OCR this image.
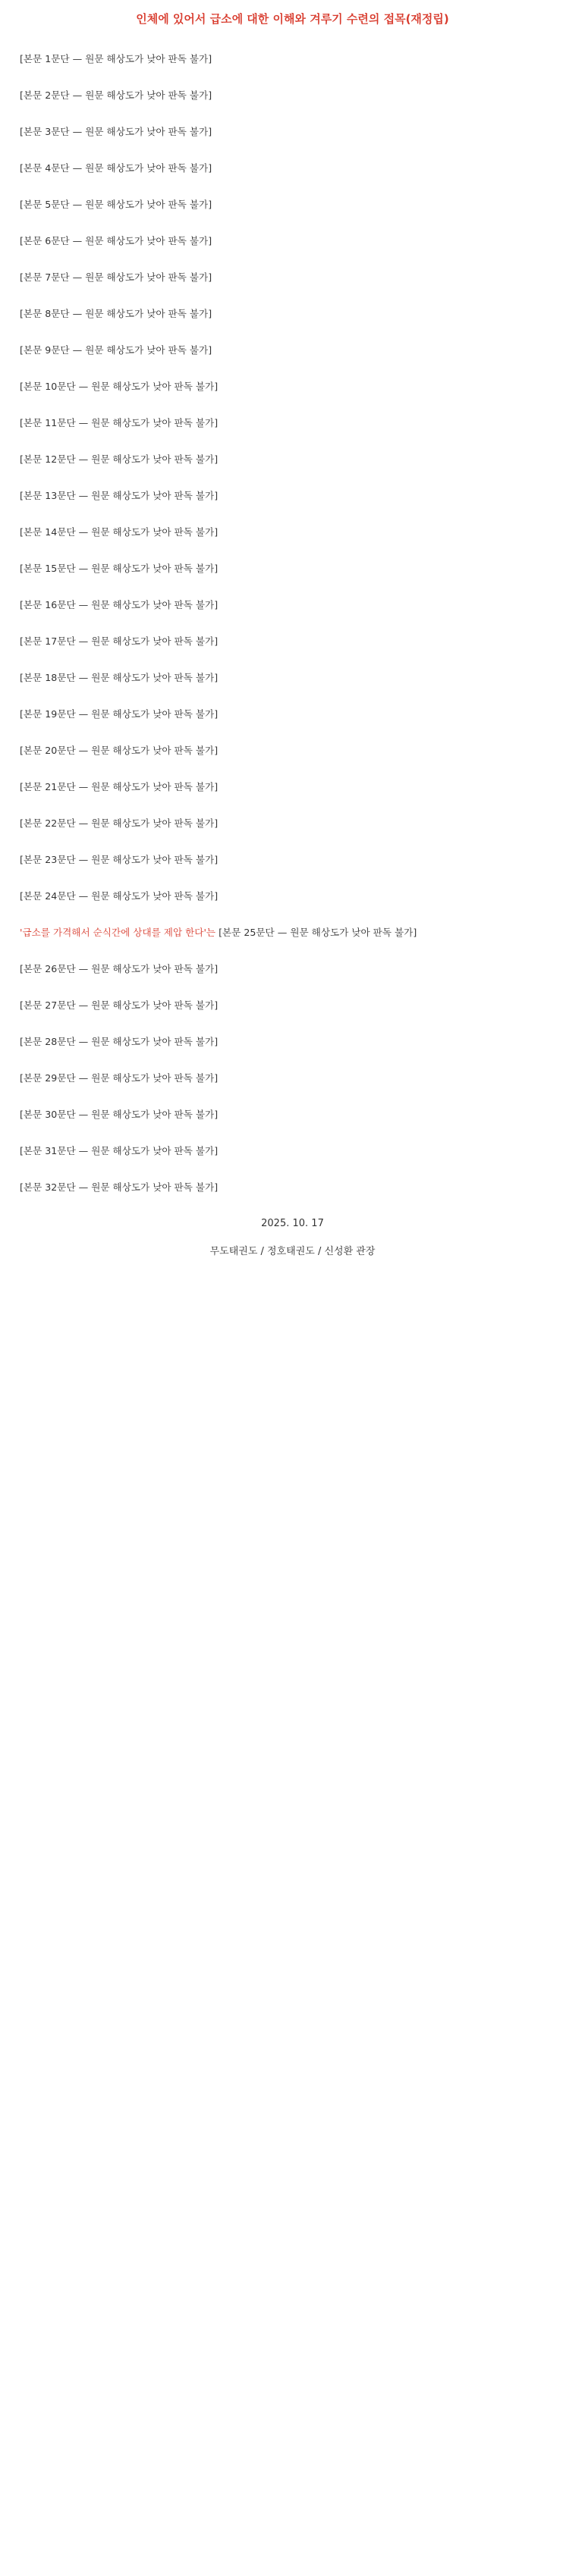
인체에 있어서 급소에 대한 이해와 겨루기 수련의 접목(재정립)

[본문 1문단 — 원문 해상도가 낮아 판독 불가]

[본문 2문단 — 원문 해상도가 낮아 판독 불가]

[본문 3문단 — 원문 해상도가 낮아 판독 불가]

[본문 4문단 — 원문 해상도가 낮아 판독 불가]

[본문 5문단 — 원문 해상도가 낮아 판독 불가]

[본문 6문단 — 원문 해상도가 낮아 판독 불가]

[본문 7문단 — 원문 해상도가 낮아 판독 불가]

[본문 8문단 — 원문 해상도가 낮아 판독 불가]

[본문 9문단 — 원문 해상도가 낮아 판독 불가]

[본문 10문단 — 원문 해상도가 낮아 판독 불가]

[본문 11문단 — 원문 해상도가 낮아 판독 불가]

[본문 12문단 — 원문 해상도가 낮아 판독 불가]

[본문 13문단 — 원문 해상도가 낮아 판독 불가]

[본문 14문단 — 원문 해상도가 낮아 판독 불가]

[본문 15문단 — 원문 해상도가 낮아 판독 불가]

[본문 16문단 — 원문 해상도가 낮아 판독 불가]

[본문 17문단 — 원문 해상도가 낮아 판독 불가]

[본문 18문단 — 원문 해상도가 낮아 판독 불가]

[본문 19문단 — 원문 해상도가 낮아 판독 불가]

[본문 20문단 — 원문 해상도가 낮아 판독 불가]

[본문 21문단 — 원문 해상도가 낮아 판독 불가]

[본문 22문단 — 원문 해상도가 낮아 판독 불가]

[본문 23문단 — 원문 해상도가 낮아 판독 불가]

[본문 24문단 — 원문 해상도가 낮아 판독 불가]

'급소를 가격해서 순식간에 상대를 제압 한다'는 [본문 25문단 — 원문 해상도가 낮아 판독 불가]

[본문 26문단 — 원문 해상도가 낮아 판독 불가]

[본문 27문단 — 원문 해상도가 낮아 판독 불가]

[본문 28문단 — 원문 해상도가 낮아 판독 불가]

[본문 29문단 — 원문 해상도가 낮아 판독 불가]

[본문 30문단 — 원문 해상도가 낮아 판독 불가]

[본문 31문단 — 원문 해상도가 낮아 판독 불가]

[본문 32문단 — 원문 해상도가 낮아 판독 불가]

2025. 10. 17

무도태권도 / 정호태권도 / 신성환 관장
